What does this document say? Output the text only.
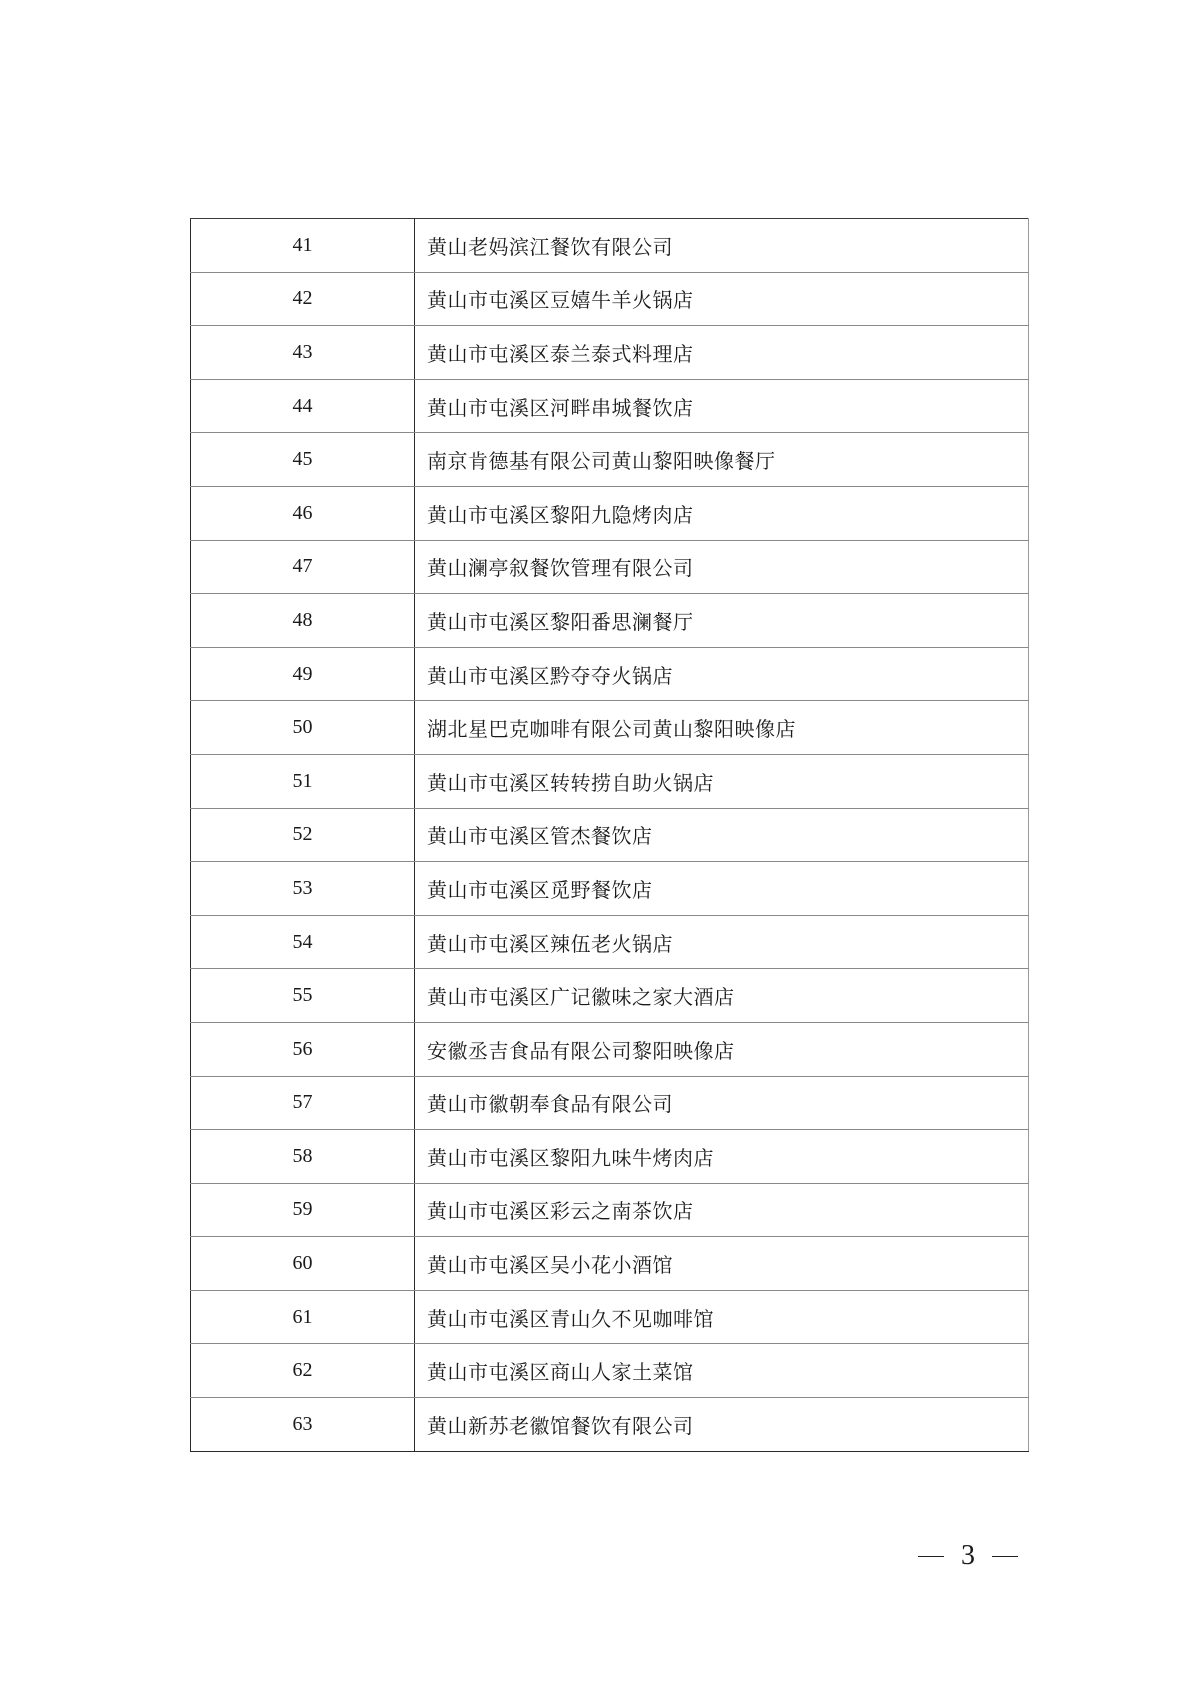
41	黄山老妈滨江餐饮有限公司
42	黄山市屯溪区豆嬉牛羊火锅店
43	黄山市屯溪区泰兰泰式料理店
44	黄山市屯溪区河畔串城餐饮店
45	南京肯德基有限公司黄山黎阳映像餐厅
46	黄山市屯溪区黎阳九隐烤肉店
47	黄山澜亭叙餐饮管理有限公司
48	黄山市屯溪区黎阳番思澜餐厅
49	黄山市屯溪区黔夺夺火锅店
50	湖北星巴克咖啡有限公司黄山黎阳映像店
51	黄山市屯溪区转转捞自助火锅店
52	黄山市屯溪区管杰餐饮店
53	黄山市屯溪区觅野餐饮店
54	黄山市屯溪区辣伍老火锅店
55	黄山市屯溪区广记徽味之家大酒店
56	安徽丞吉食品有限公司黎阳映像店
57	黄山市徽朝奉食品有限公司
58	黄山市屯溪区黎阳九味牛烤肉店
59	黄山市屯溪区彩云之南茶饮店
60	黄山市屯溪区吴小花小酒馆
61	黄山市屯溪区青山久不见咖啡馆
62	黄山市屯溪区商山人家土菜馆
63	黄山新苏老徽馆餐饮有限公司
3
